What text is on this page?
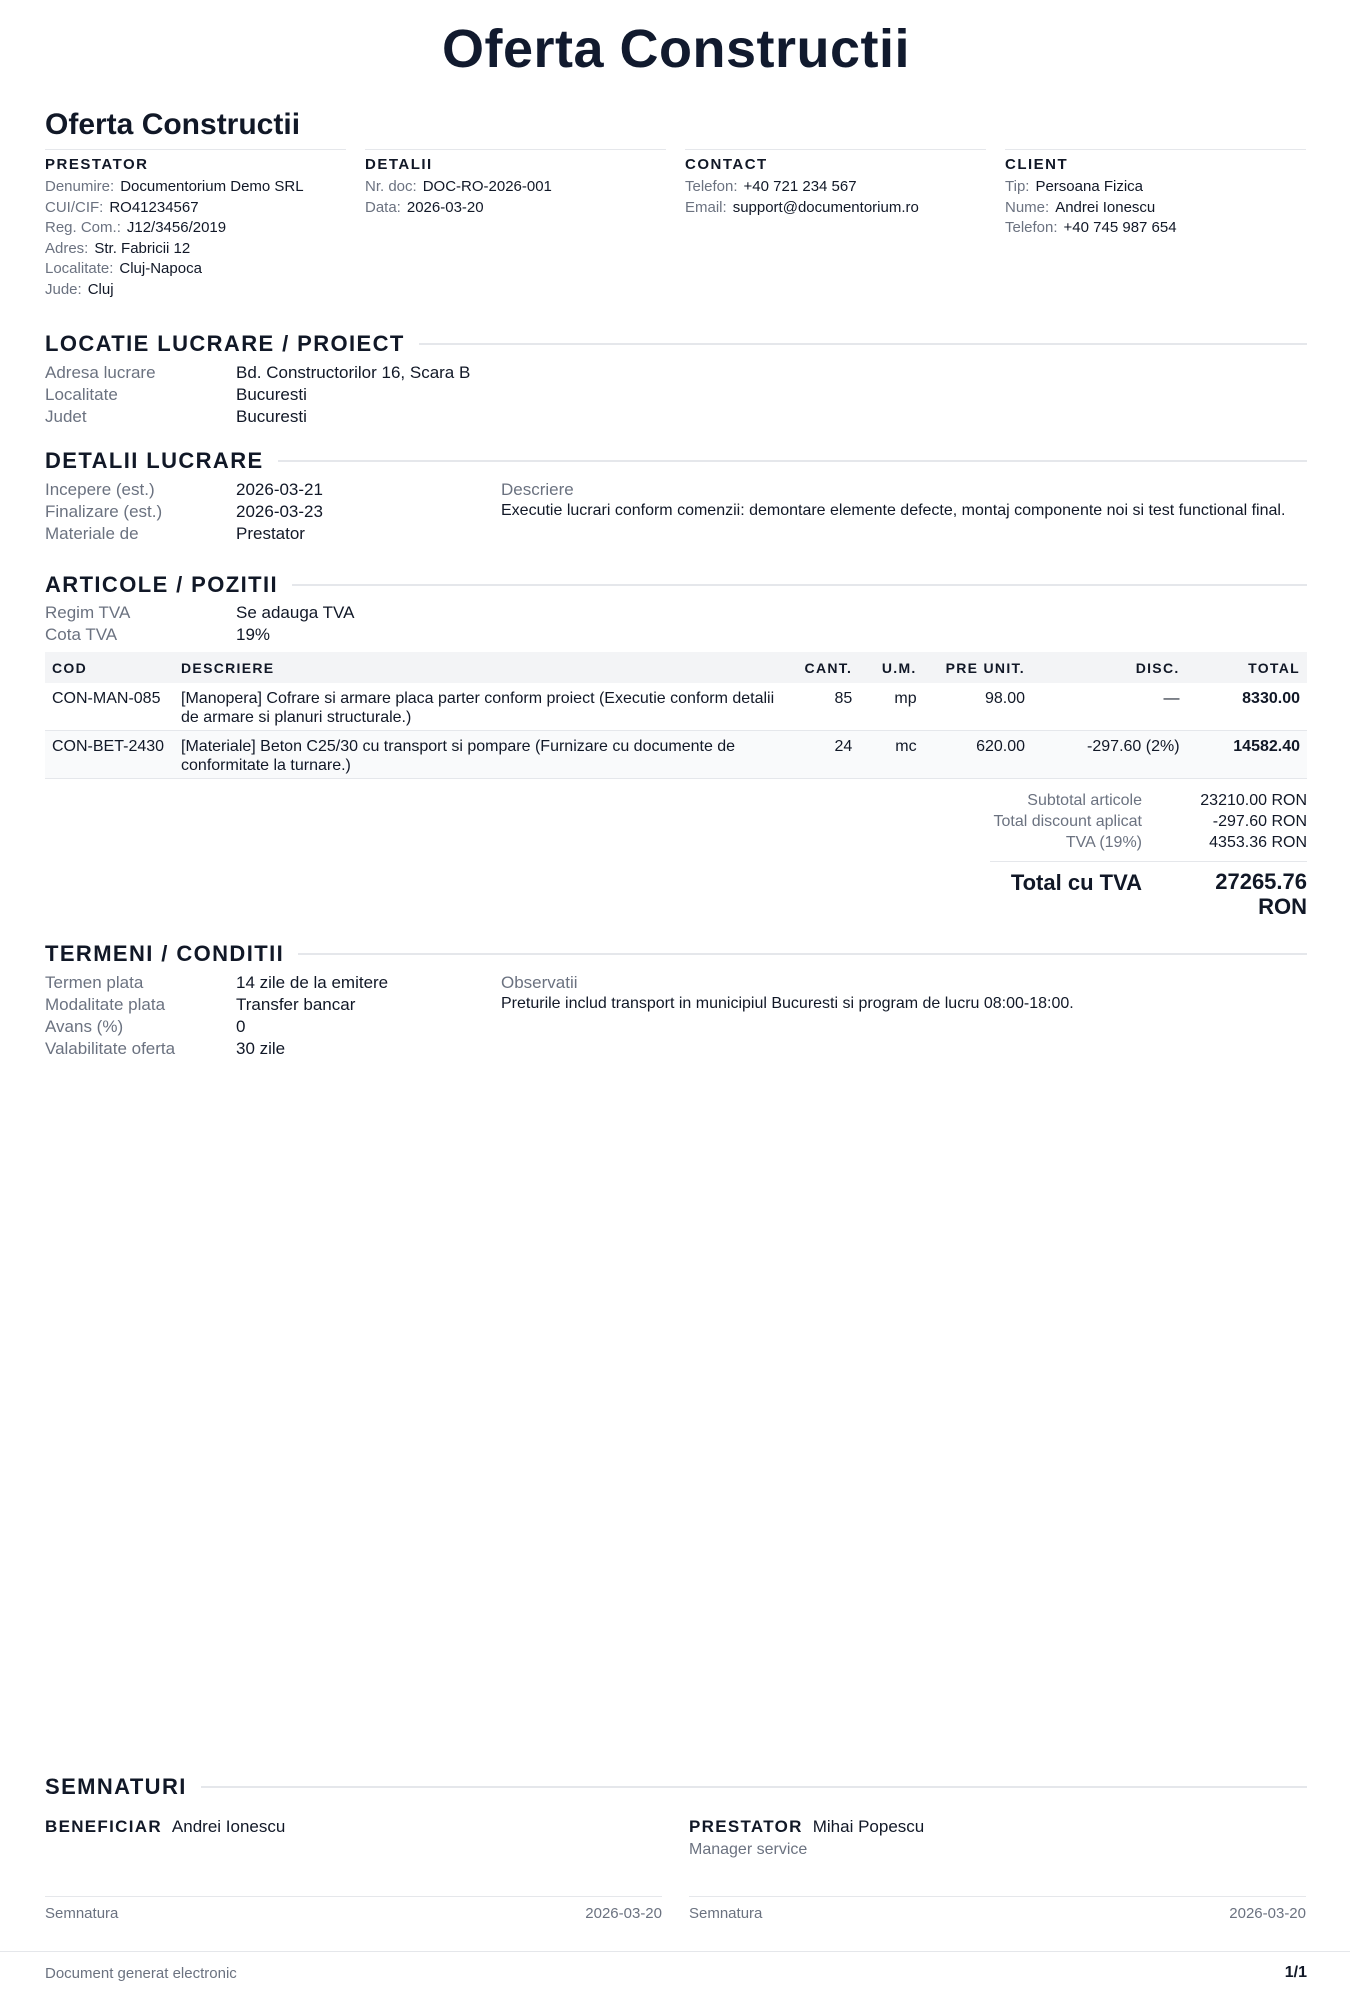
Oferta Constructii
Oferta Constructii
PRESTATOR
Denumire: Documentorium Demo SRL
CUI/CIF: RO41234567
Reg. Com.: J12/3456/2019
Adres: Str. Fabricii 12
Localitate: Cluj-Napoca
Jude: Cluj
DETALII
Nr. doc: DOC-RO-2026-001
Data: 2026-03-20
CONTACT
Telefon: +40 721 234 567
Email: support@documentorium.ro
CLIENT
Tip: Persoana Fizica
Nume: Andrei Ionescu
Telefon: +40 745 987 654
LOCATIE LUCRARE / PROIECT
Adresa lucrare	Bd. Constructorilor 16, Scara B
Localitate	Bucuresti
Judet	Bucuresti
DETALII LUCRARE
Incepere (est.)	2026-03-21
Finalizare (est.)	2026-03-23
Materiale de	Prestator
Descriere
Executie lucrari conform comenzii: demontare elemente defecte, montaj componente noi si test functional final.
ARTICOLE / POZITII
Regim TVA	Se adauga TVA
Cota TVA	19%
COD	DESCRIERE	CANT.	U.M.	PRE UNIT.	DISC.	TOTAL
CON-MAN-085	[Manopera] Cofrare si armare placa parter conform proiect (Executie conform detalii de armare si planuri structurale.)	85	mp	98.00	—	8330.00
CON-BET-2430	[Materiale] Beton C25/30 cu transport si pompare (Furnizare cu documente de conformitate la turnare.)	24	mc	620.00	-297.60 (2%)	14582.40
Subtotal articole	23210.00 RON
Total discount aplicat	-297.60 RON
TVA (19%)	4353.36 RON
Total cu TVA	27265.76
RON
TERMENI / CONDITII
Termen plata	14 zile de la emitere
Modalitate plata	Transfer bancar
Avans (%)	0
Valabilitate oferta	30 zile
Observatii
Preturile includ transport in municipiul Bucuresti si program de lucru 08:00-18:00.
SEMNATURI
BENEFICIAR Andrei Ionescu
Semnatura	2026-03-20
PRESTATOR Mihai Popescu
Manager service
Semnatura	2026-03-20
Document generat electronic	1/1
